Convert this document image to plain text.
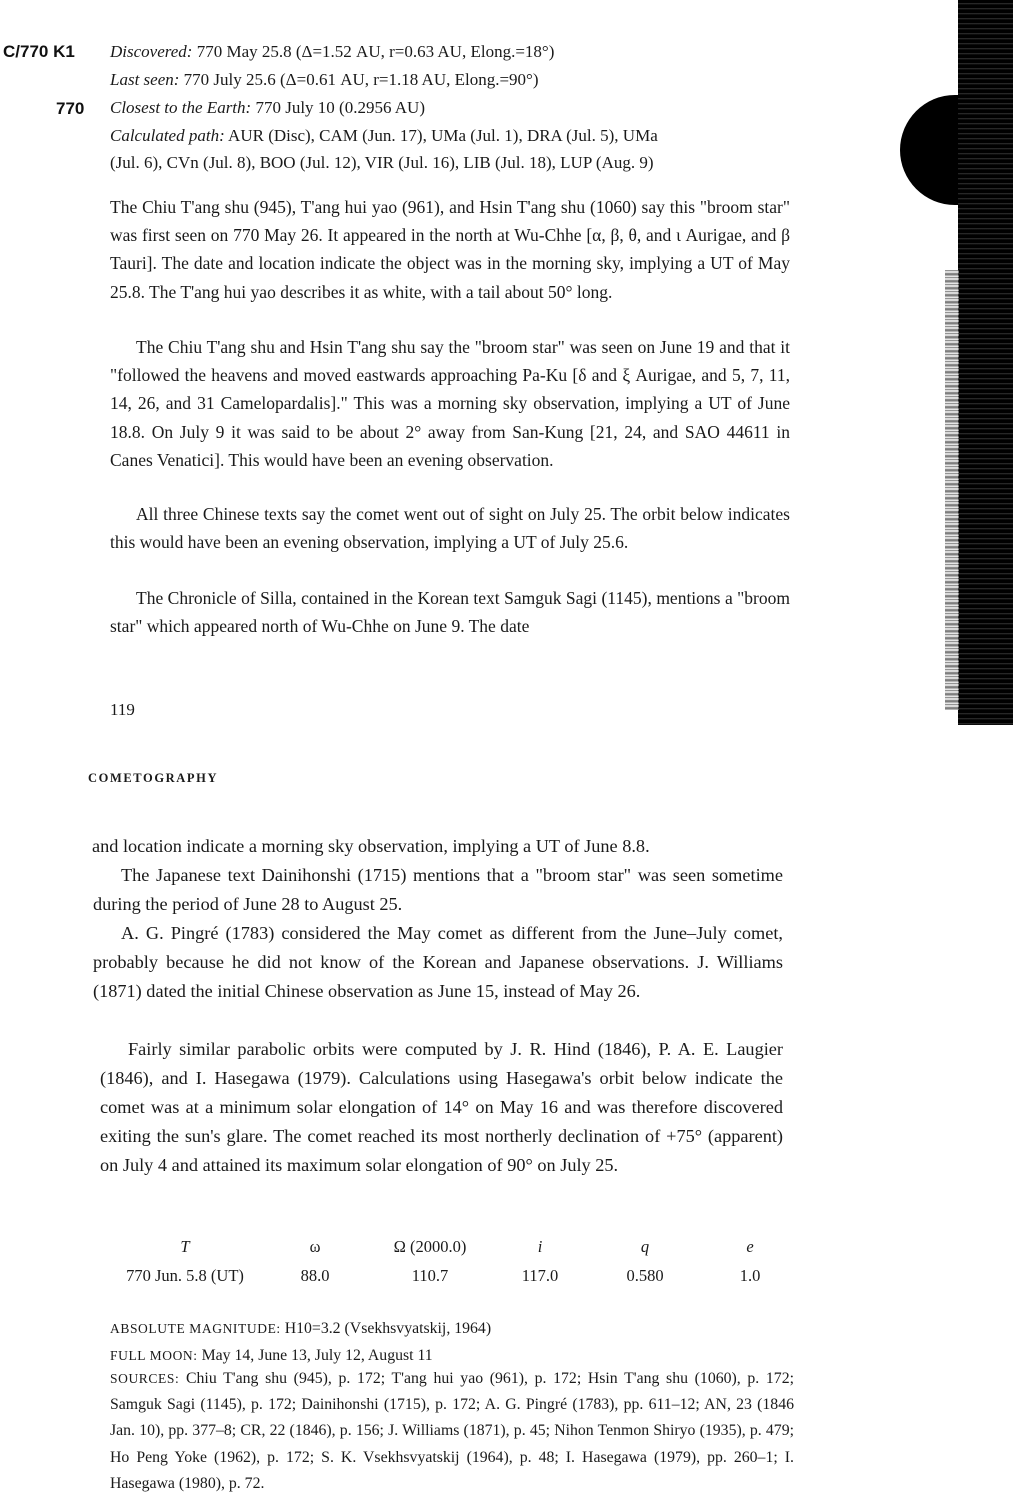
C/770 K1
770
Discovered: 770 May 25.8 (Δ=1.52 AU, r=0.63 AU, Elong.=18°)
Last seen: 770 July 25.6 (Δ=0.61 AU, r=1.18 AU, Elong.=90°)
Closest to the Earth: 770 July 10 (0.2956 AU)
Calculated path: AUR (Disc), CAM (Jun. 17), UMa (Jul. 1), DRA (Jul. 5), UMa
(Jul. 6), CVn (Jul. 8), BOO (Jul. 12), VIR (Jul. 16), LIB (Jul. 18), LUP (Aug. 9)

The Chiu T'ang shu (945), T'ang hui yao (961), and Hsin T'ang shu (1060) say this "broom star" was first seen on 770 May 26. It appeared in the north at Wu-Chhe [α, β, θ, and ι Aurigae, and β Tauri]. The date and location indicate the object was in the morning sky, implying a UT of May 25.8. The T'ang hui yao describes it as white, with a tail about 50° long.

The Chiu T'ang shu and Hsin T'ang shu say the "broom star" was seen on June 19 and that it "followed the heavens and moved eastwards approaching Pa-Ku [δ and ξ Aurigae, and 5, 7, 11, 14, 26, and 31 Camelopardalis]." This was a morning sky observation, implying a UT of June 18.8. On July 9 it was said to be about 2° away from San-Kung [21, 24, and SAO 44611 in Canes Venatici]. This would have been an evening observation.

All three Chinese texts say the comet went out of sight on July 25. The orbit below indicates this would have been an evening observation, implying a UT of July 25.6.

The Chronicle of Silla, contained in the Korean text Samguk Sagi (1145), mentions a "broom star" which appeared north of Wu-Chhe on June 9. The date

119
COMETOGRAPHY

and location indicate a morning sky observation, implying a UT of June 8.8.

The Japanese text Dainihonshi (1715) mentions that a "broom star" was seen sometime during the period of June 28 to August 25.

A. G. Pingré (1783) considered the May comet as different from the June–July comet, probably because he did not know of the Korean and Japanese observations. J. Williams (1871) dated the initial Chinese observation as June 15, instead of May 26.

Fairly similar parabolic orbits were computed by J. R. Hind (1846), P. A. E. Laugier (1846), and I. Hasegawa (1979). Calculations using Hasegawa's orbit below indicate the comet was at a minimum solar elongation of 14° on May 16 and was therefore discovered exiting the sun's glare. The comet reached its most northerly declination of +75° (apparent) on July 4 and attained its maximum solar elongation of 90° on July 25.

T	ω	Ω (2000.0)	i	q	e
770 Jun. 5.8 (UT)	88.0	110.7	117.0	0.580	1.0
ABSOLUTE MAGNITUDE: H10=3.2 (Vsekhsvyatskij, 1964)
FULL MOON: May 14, June 13, July 12, August 11
SOURCES: Chiu T'ang shu (945), p. 172; T'ang hui yao (961), p. 172; Hsin T'ang shu (1060), p. 172; Samguk Sagi (1145), p. 172; Dainihonshi (1715), p. 172; A. G. Pingré (1783), pp. 611–12; AN, 23 (1846 Jan. 10), pp. 377–8; CR, 22 (1846), p. 156; J. Williams (1871), p. 45; Nihon Tenmon Shiryo (1935), p. 479; Ho Peng Yoke (1962), p. 172; S. K. Vsekhsvyatskij (1964), p. 48; I. Hasegawa (1979), pp. 260–1; I. Hasegawa (1980), p. 72.
